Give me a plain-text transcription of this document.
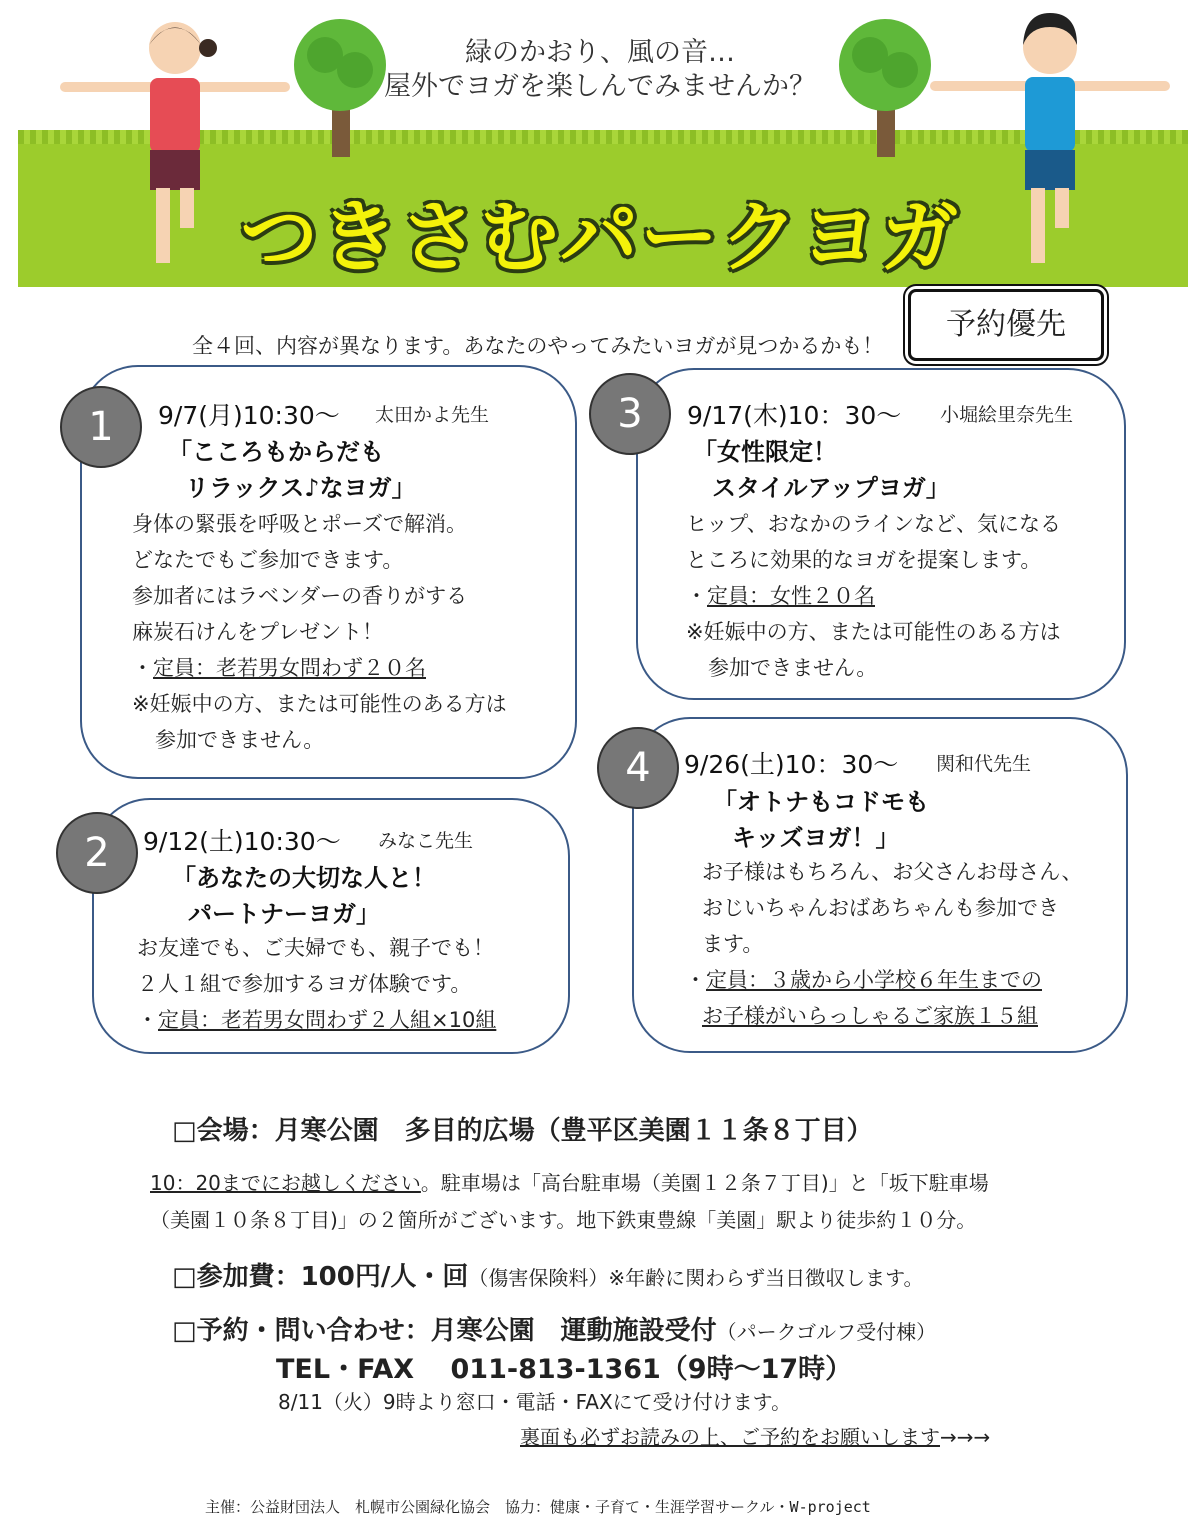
緑のかおり、風の音…
屋外でヨガを楽しんでみませんか？
つきさむパークヨガ
予約優先
全４回、内容が異なります。あなたのやってみたいヨガが見つかるかも！
1	9/7(月)10:30～ 太田かよ先生
「こころもからだも
リラックス♪なヨガ」
身体の緊張を呼吸とポーズで解消。
どなたでもご参加できます。
参加者にはラベンダーの香りがする
麻炭石けんをプレゼント！
・定員：老若男女問わず２０名
※妊娠中の方、または可能性のある方は
参加できません。
2	9/12(土)10:30～ みなこ先生
「あなたの大切な人と！
パートナーヨガ」
お友達でも、ご夫婦でも、親子でも！
２人１組で参加するヨガ体験です。
・定員：老若男女問わず２人組×10組
3	9/17(木)10：30～ 小堀絵里奈先生
「女性限定！
スタイルアップヨガ」
ヒップ、おなかのラインなど、気になる
ところに効果的なヨガを提案します。
・定員：女性２０名
※妊娠中の方、または可能性のある方は
参加できません。
4	9/26(土)10：30～ 関和代先生
「オトナもコドモも
キッズヨガ！」
お子様はもちろん、お父さんお母さん、
おじいちゃんおばあちゃんも参加でき
ます。
・定員：３歳から小学校６年生までの
お子様がいらっしゃるご家族１５組
□会場：月寒公園　多目的広場（豊平区美園１１条８丁目）
10：20までにお越しください。駐車場は「高台駐車場（美園１２条７丁目)」と「坂下駐車場
（美園１０条８丁目)」の２箇所がございます。地下鉄東豊線「美園」駅より徒歩約１０分。
□参加費：100円/人・回（傷害保険料）※年齢に関わらず当日徴収します。
□予約・問い合わせ：月寒公園　運動施設受付（パークゴルフ受付棟）
TEL・FAX　 011-813-1361（9時～17時）
8/11（火）9時より窓口・電話・FAXにて受け付けます。
裏面も必ずお読みの上、ご予約をお願いします→→→
主催：公益財団法人　札幌市公園緑化協会　協力：健康・子育て・生涯学習サークル・W-project
